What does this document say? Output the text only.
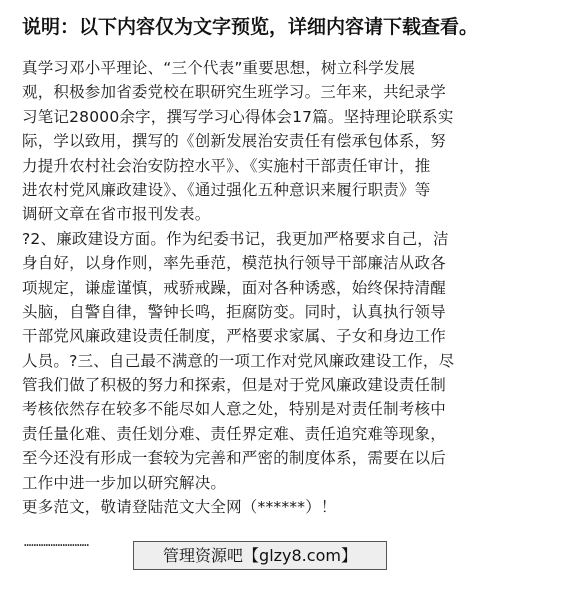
说明：以下内容仅为文字预览，详细内容请下载查看。
真学习邓小平理论、“三个代表”重要思想，树立科学发展
观，积极参加省委党校在职研究生班学习。三年来，共纪录学
习笔记28000余字，撰写学习心得体会17篇。坚持理论联系实
际，学以致用，撰写的《创新发展治安责任有偿承包体系，努
力提升农村社会治安防控水平》、《实施村干部责任审计，推
进农村党风廉政建设》、《通过强化五种意识来履行职责》等
调研文章在省市报刊发表。
?2、廉政建设方面。作为纪委书记，我更加严格要求自己，洁
身自好，以身作则，率先垂范，模范执行领导干部廉洁从政各
项规定，谦虚谨慎，戒骄戒躁，面对各种诱惑，始终保持清醒
头脑，自警自律，警钟长鸣，拒腐防变。同时，认真执行领导
干部党风廉政建设责任制度，严格要求家属、子女和身边工作
人员。?三、自己最不满意的一项工作对党风廉政建设工作，尽
管我们做了积极的努力和探索，但是对于党风廉政建设责任制
考核依然存在较多不能尽如人意之处，特别是对责任制考核中
责任量化难、责任划分难、责任界定难、责任追究难等现象，
至今还没有形成一套较为完善和严密的制度体系，需要在以后
工作中进一步加以研究解决。
更多范文，敬请登陆范文大全网（******）！
………………………
管理资源吧【glzy8.com】
